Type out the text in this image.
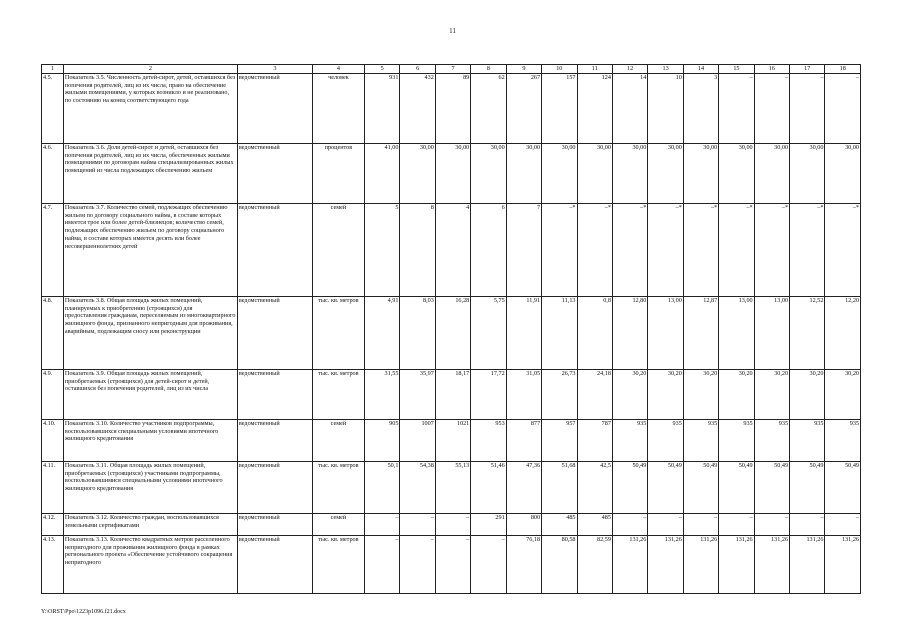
11
1	2	3	4	5	6	7	8	9	10	11	12	13	14	15	16	17	18
4.5.	Показатель 3.5. Численность детей-сирот, детей, оставшихся без попечения родителей, лиц из их числа, право на обеспечение жилыми помещениями, у которых возникло и не реализовано, по состоянию на конец соответствующего года	ведомственный	человек	931	432	89	62	267	157	124	14	10	3	–	–	–	–
4.6.	Показатель 3.6. Доля детей-сирот и детей, оставшихся без попечения родителей, лиц из их числа, обеспеченных жилыми помещениями по договорам найма специализированных жилых помещений из числа подлежащих обеспечению жильем	ведомственный	процентов	41,00	30,00	30,00	30,00	30,00	30,00	30,00	30,00	30,00	30,00	30,00	30,00	30,00	30,00
4.7.	Показатель 3.7. Количество семей, подлежащих обеспечению жильем по договору социального найма, в составе которых имеется трое или более детей-близнецов; количество семей, подлежащих обеспечению жильем по договору социального найма, в составе которых имеется десять или более несовершеннолетних детей	ведомственный	семей	5	8	4	6	7	–*	–*	–*	–*	–*	–*	–*	–*	–*
4.8.	Показатель 3.8. Общая площадь жилых помещений, планируемых к приобретению (строящихся) для предоставления гражданам, переселяемым из многоквартирного жилищного фонда, признанного непригодным для проживания, аварийным, подлежащим сносу или реконструкции	ведомственный	тыс. кв. метров	4,91	8,03	16,28	5,75	11,91	11,13	0,8	12,80	13,00	12,87	13,00	13,00	12,52	12,20
4.9.	Показатель 3.9. Общая площадь жилых помещений, приобретаемых (строящихся) для детей-сирот и детей, оставшихся без попечения родителей, лиц из их числа	ведомственный	тыс. кв. метров	31,55	35,97	18,17	17,72	31,05	26,73	24,18	30,20	30,20	30,20	30,20	30,20	30,20	30,20
4.10.	Показатель 3.10. Количество участников подпрограммы, воспользовавшихся специальными условиями ипотечного жилищного кредитования	ведомственный	семей	905	1007	1021	953	877	957	787	935	935	935	935	935	935	935
4.11.	Показатель 3.11. Общая площадь жилых помещений, приобретаемых (строящихся) участниками подпрограммы, воспользовавшимися специальными условиями ипотечного жилищного кредитования	ведомственный	тыс. кв. метров	50,1	54,38	55,13	51,46	47,36	51,68	42,5	50,49	50,49	50,49	50,49	50,49	50,49	50,49
4.12.	Показатель 3.12. Количество граждан, воспользовавшихся земельными сертификатами	ведомственный	семей	–	–	–	291	800	485	485	–	–	–	–	–	–	–
4.13.	Показатель 3.13. Количество квадратных метров расселенного непригодного для проживания жилищного фонда в рамках регионального проекта «Обеспечение устойчивого сокращения непригодного	ведомственный	тыс. кв. метров	–	–	–	–	76,18	80,58	82,59	131,26	131,26	131,26	131,26	131,26	131,26	131,26
Y:\ORST\Ppo\1223p1096.f21.docx
